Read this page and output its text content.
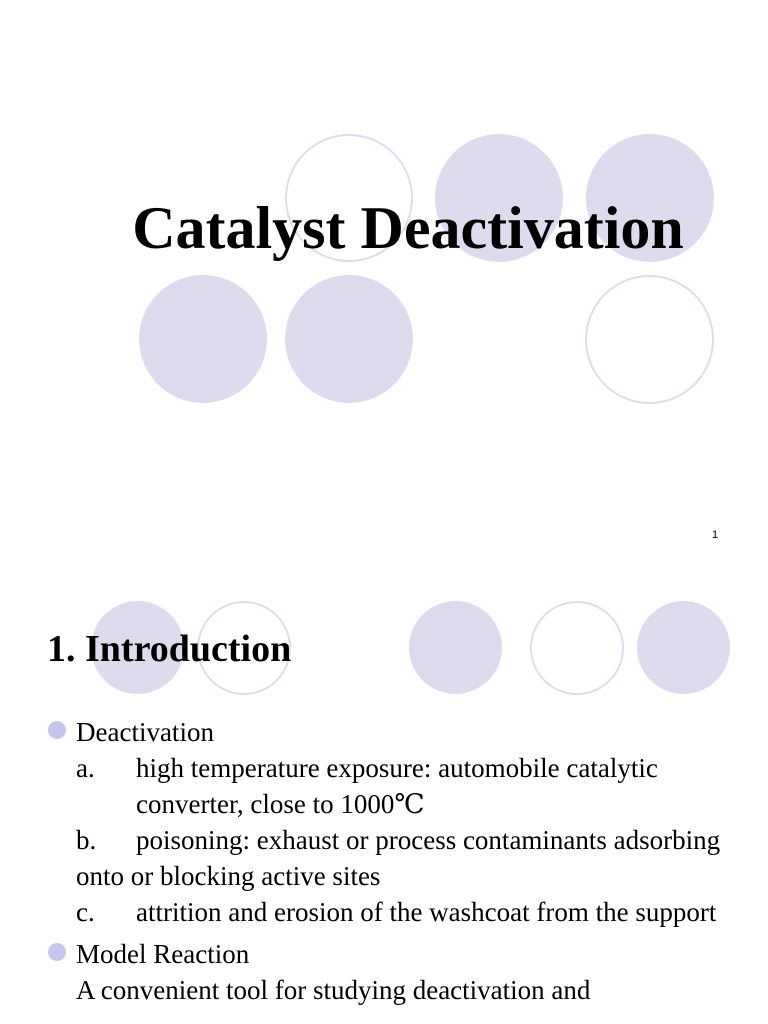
Catalyst Deactivation
1
1. Introduction
Deactivation
a. high temperature exposure: automobile catalytic converter, close to 1000℃
b. poisoning: exhaust or process contaminants adsorbing onto or blocking active sites
c. attrition and erosion of the washcoat from the support
Model Reaction
A convenient tool for studying deactivation and
